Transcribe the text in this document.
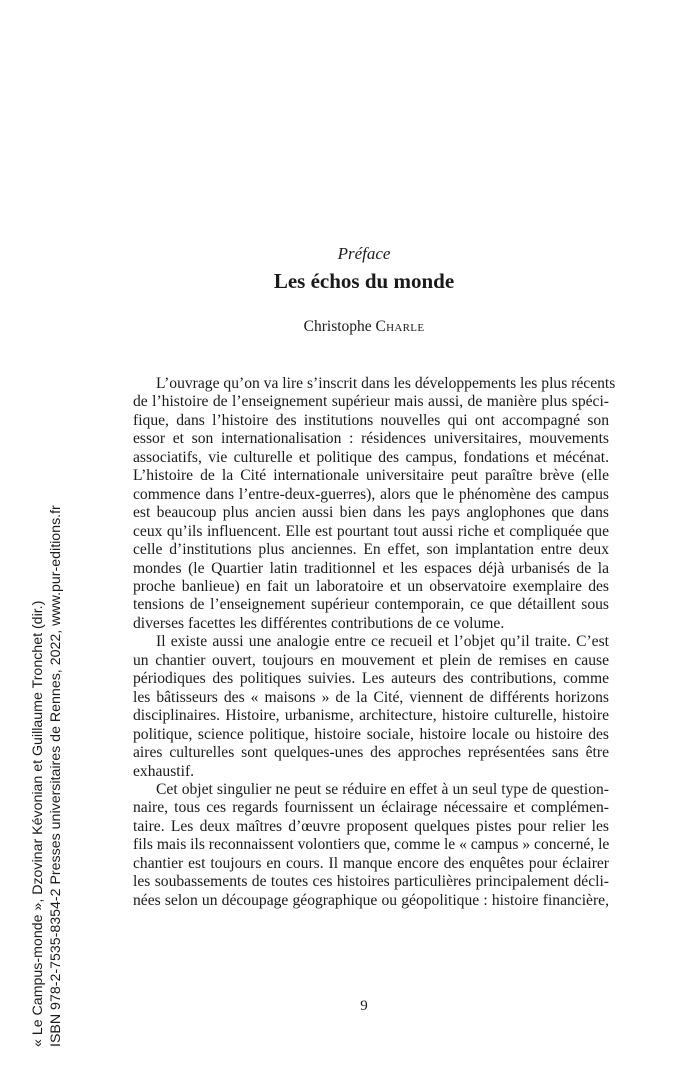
Préface
Les échos du monde
Christophe Charle
L’ouvrage qu’on va lire s’inscrit dans les développements les plus récents
de l’histoire de l’enseignement supérieur mais aussi, de manière plus spéci-
fique, dans l’histoire des institutions nouvelles qui ont accompagné son
essor et son internationalisation : résidences universitaires, mouvements
associatifs, vie culturelle et politique des campus, fondations et mécénat.
L’histoire de la Cité internationale universitaire peut paraître brève (elle
commence dans l’entre-deux-guerres), alors que le phénomène des campus
est beaucoup plus ancien aussi bien dans les pays anglophones que dans
ceux qu’ils influencent. Elle est pourtant tout aussi riche et compliquée que
celle d’institutions plus anciennes. En effet, son implantation entre deux
mondes (le Quartier latin traditionnel et les espaces déjà urbanisés de la
proche banlieue) en fait un laboratoire et un observatoire exemplaire des
tensions de l’enseignement supérieur contemporain, ce que détaillent sous
diverses facettes les différentes contributions de ce volume.
Il existe aussi une analogie entre ce recueil et l’objet qu’il traite. C’est
un chantier ouvert, toujours en mouvement et plein de remises en cause
périodiques des politiques suivies. Les auteurs des contributions, comme
les bâtisseurs des « maisons » de la Cité, viennent de différents horizons
disciplinaires. Histoire, urbanisme, architecture, histoire culturelle, histoire
politique, science politique, histoire sociale, histoire locale ou histoire des
aires culturelles sont quelques-unes des approches représentées sans être
exhaustif.
Cet objet singulier ne peut se réduire en effet à un seul type de question-
naire, tous ces regards fournissent un éclairage nécessaire et complémen-
taire. Les deux maîtres d’œuvre proposent quelques pistes pour relier les
fils mais ils reconnaissent volontiers que, comme le « campus » concerné, le
chantier est toujours en cours. Il manque encore des enquêtes pour éclairer
les soubassements de toutes ces histoires particulières principalement décli-
nées selon un découpage géographique ou géopolitique : histoire financière,
9
« Le Campus-monde », Dzovinar Kévonian et Guillaume Tronchet (dir.) ISBN 978-2-7535-8354-2 Presses universitaires de Rennes, 2022, www.pur-editions.fr
